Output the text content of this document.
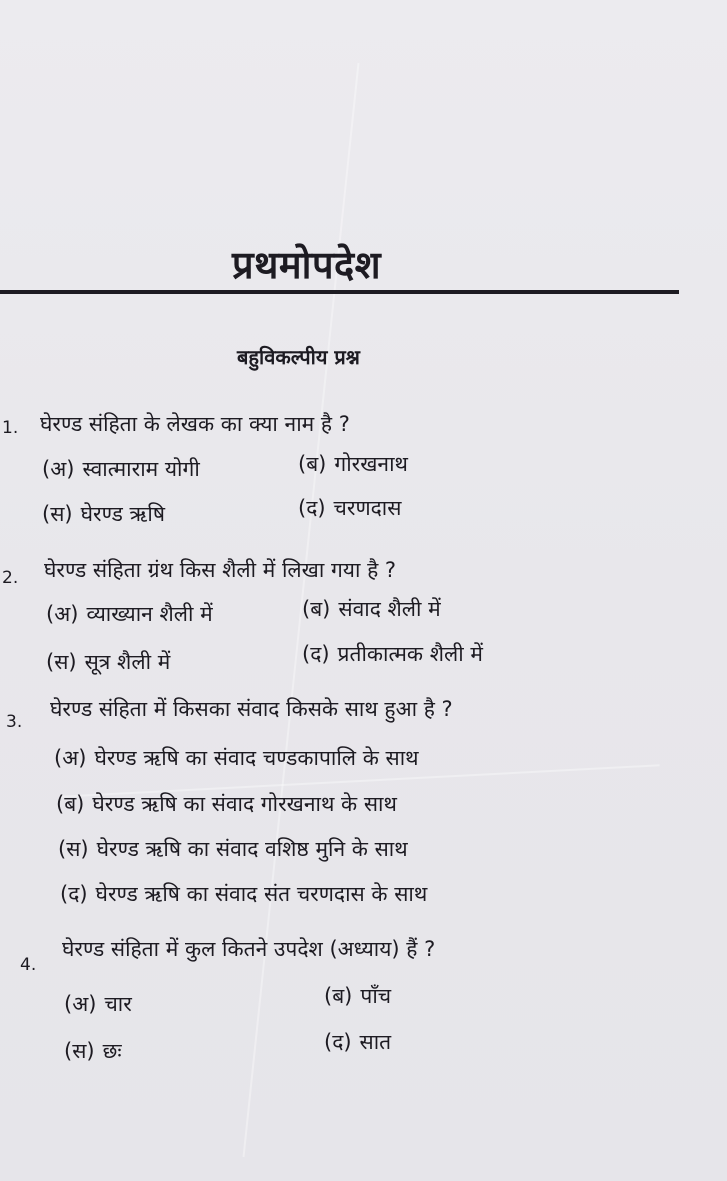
प्रथमोपदेश
बहुविकल्पीय प्रश्न
1. घेरण्ड संहिता के लेखक का क्या नाम है ?
(अ) स्वात्माराम योगी	(ब) गोरखनाथ
(स) घेरण्ड ऋषि	(द) चरणदास
2. घेरण्ड संहिता ग्रंथ किस शैली में लिखा गया है ?
(अ) व्याख्यान शैली में	(ब) संवाद शैली में
(स) सूत्र शैली में	(द) प्रतीकात्मक शैली में
3.
घेरण्ड संहिता में किसका संवाद किसके साथ हुआ है ?
(अ) घेरण्ड ऋषि का संवाद चण्डकापालि के साथ
(ब) घेरण्ड ऋषि का संवाद गोरखनाथ के साथ
(स) घेरण्ड ऋषि का संवाद वशिष्ठ मुनि के साथ
(द) घेरण्ड ऋषि का संवाद संत चरणदास के साथ
4.
घेरण्ड संहिता में कुल कितने उपदेश (अध्याय) हैं ?
(अ) चार	(ब) पाँच
(स) छः	(द) सात
